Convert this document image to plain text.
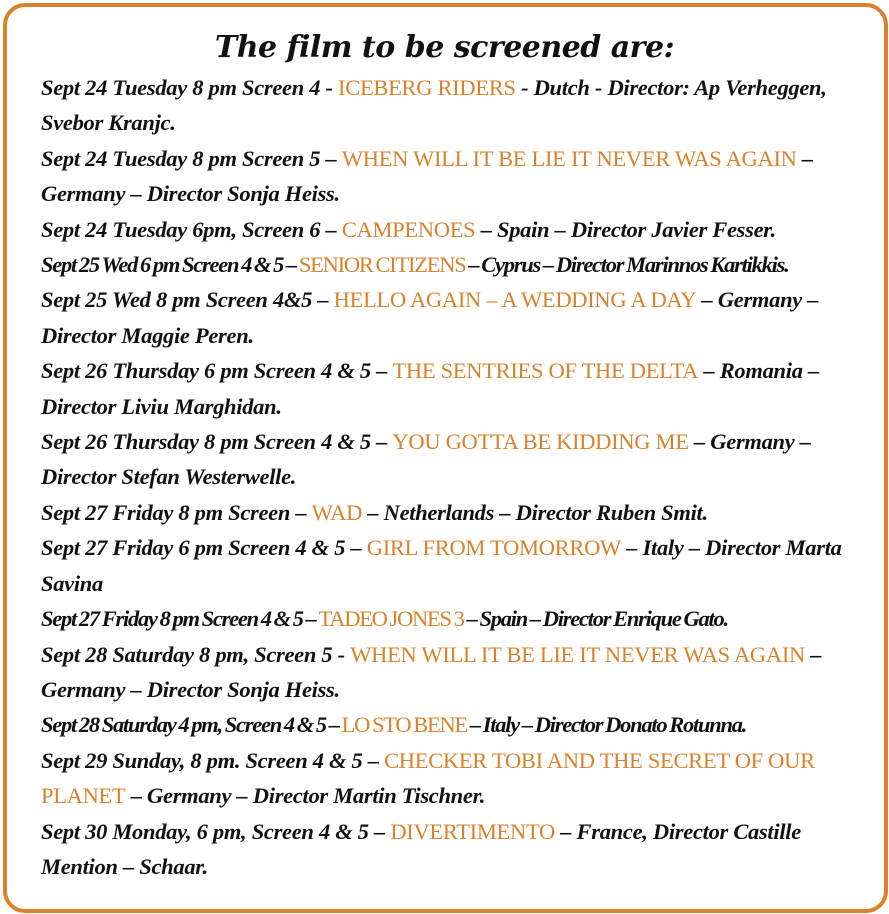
The film to be screened are:
Sept 24 Tuesday 8 pm Screen 4 - ICEBERG RIDERS - Dutch - Director: Ap Verheggen, Svebor Kranjc.
Sept 24 Tuesday 8 pm Screen 5 – WHEN WILL IT BE LIE IT NEVER WAS AGAIN – Germany – Director Sonja Heiss.
Sept 24 Tuesday 6pm, Screen 6 – CAMPENOES – Spain – Director Javier Fesser.
Sept 25 Wed 6 pm Screen 4 & 5 – SENIOR CITIZENS – Cyprus – Director Marinnos Kartikkis.
Sept 25 Wed 8 pm Screen 4&5 – HELLO AGAIN – A WEDDING A DAY – Germany – Director Maggie Peren.
Sept 26 Thursday 6 pm Screen 4 & 5 – THE SENTRIES OF THE DELTA – Romania – Director Liviu Marghidan.
Sept 26 Thursday 8 pm Screen 4 & 5 – YOU GOTTA BE KIDDING ME – Germany – Director Stefan Westerwelle.
Sept 27 Friday 8 pm Screen – WAD – Netherlands – Director Ruben Smit.
Sept 27 Friday 6 pm Screen 4 & 5 – GIRL FROM TOMORROW – Italy – Director Marta Savina
Sept 27 Friday 8 pm Screen 4 & 5 – TADEO JONES 3 – Spain – Director Enrique Gato.
Sept 28 Saturday 8 pm, Screen 5 - WHEN WILL IT BE LIE IT NEVER WAS AGAIN – Germany – Director Sonja Heiss.
Sept 28 Saturday 4 pm, Screen 4 & 5 – LO STO BENE – Italy – Director Donato Rotunna.
Sept 29 Sunday, 8 pm. Screen 4 & 5 – CHECKER TOBI AND THE SECRET OF OUR PLANET – Germany – Director Martin Tischner.
Sept 30 Monday, 6 pm, Screen 4 & 5 – DIVERTIMENTO – France, Director Castille Mention – Schaar.
